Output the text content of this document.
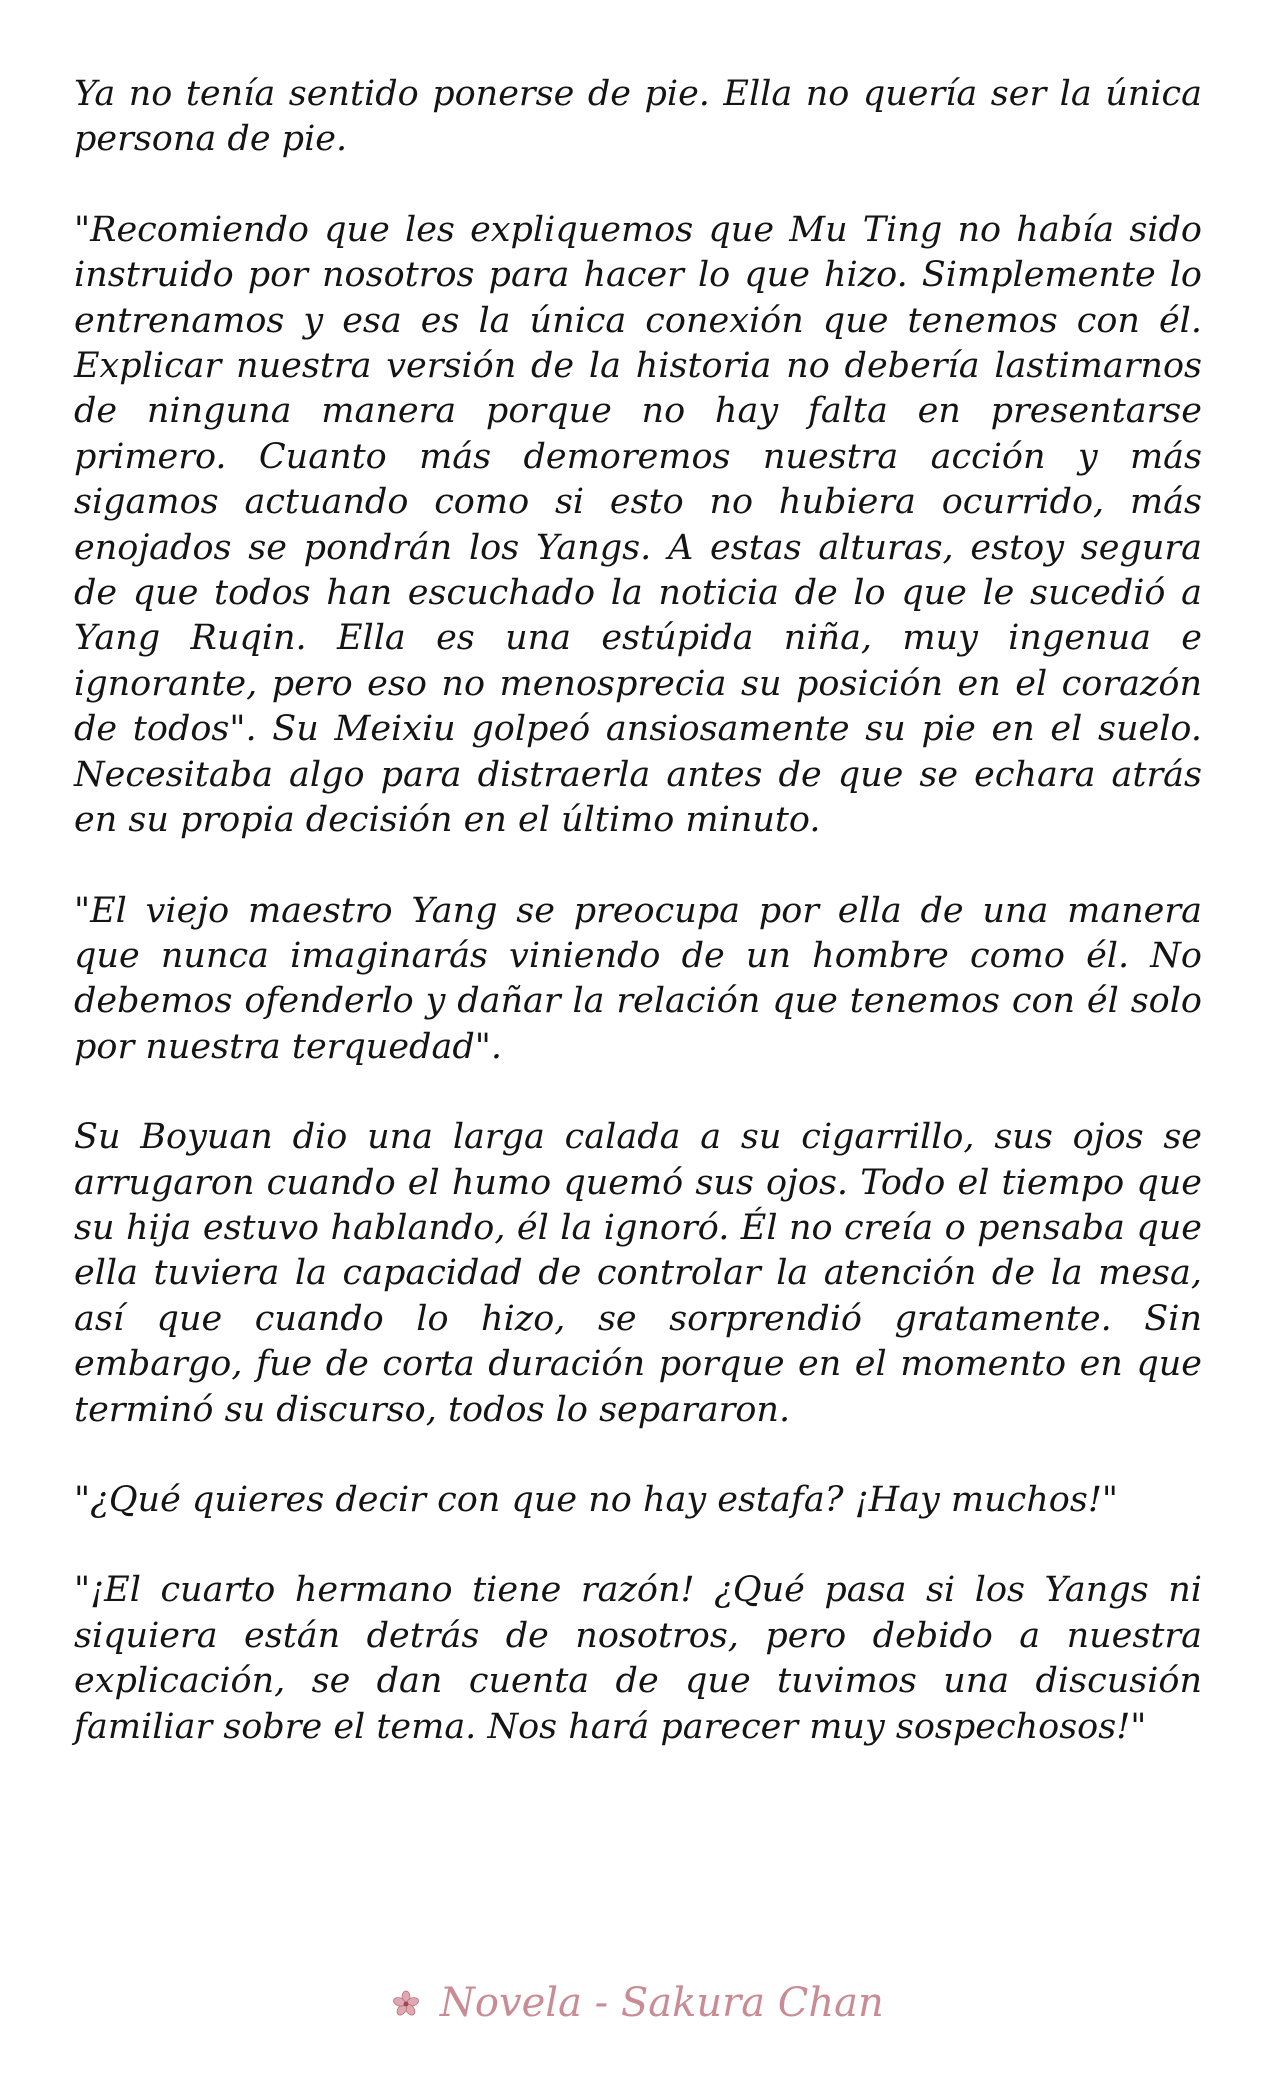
Ya no tenía sentido ponerse de pie. Ella no quería ser la única persona de pie.

"Recomiendo que les expliquemos que Mu Ting no había sido instruido por nosotros para hacer lo que hizo. Simplemente lo entrenamos y esa es la única conexión que tenemos con él. Explicar nuestra versión de la historia no debería lastimarnos de ninguna manera porque no hay falta en presentarse primero. Cuanto más demoremos nuestra acción y más sigamos actuando como si esto no hubiera ocurrido, más enojados se pondrán los Yangs. A estas alturas, estoy segura de que todos han escuchado la noticia de lo que le sucedió a Yang Ruqin. Ella es una estúpida niña, muy ingenua e ignorante, pero eso no menosprecia su posición en el corazón de todos". Su Meixiu golpeó ansiosamente su pie en el suelo. Necesitaba algo para distraerla antes de que se echara atrás en su propia decisión en el último minuto.

"El viejo maestro Yang se preocupa por ella de una manera que nunca imaginarás viniendo de un hombre como él. No debemos ofenderlo y dañar la relación que tenemos con él solo por nuestra terquedad".

Su Boyuan dio una larga calada a su cigarrillo, sus ojos se arrugaron cuando el humo quemó sus ojos. Todo el tiempo que su hija estuvo hablando, él la ignoró. Él no creía o pensaba que ella tuviera la capacidad de controlar la atención de la mesa, así que cuando lo hizo, se sorprendió gratamente. Sin embargo, fue de corta duración porque en el momento en que terminó su discurso, todos lo separaron.

"¿Qué quieres decir con que no hay estafa? ¡Hay muchos!"

"¡El cuarto hermano tiene razón! ¿Qué pasa si los Yangs ni siquiera están detrás de nosotros, pero debido a nuestra explicación, se dan cuenta de que tuvimos una discusión familiar sobre el tema. Nos hará parecer muy sospechosos!"

Novela - Sakura Chan
